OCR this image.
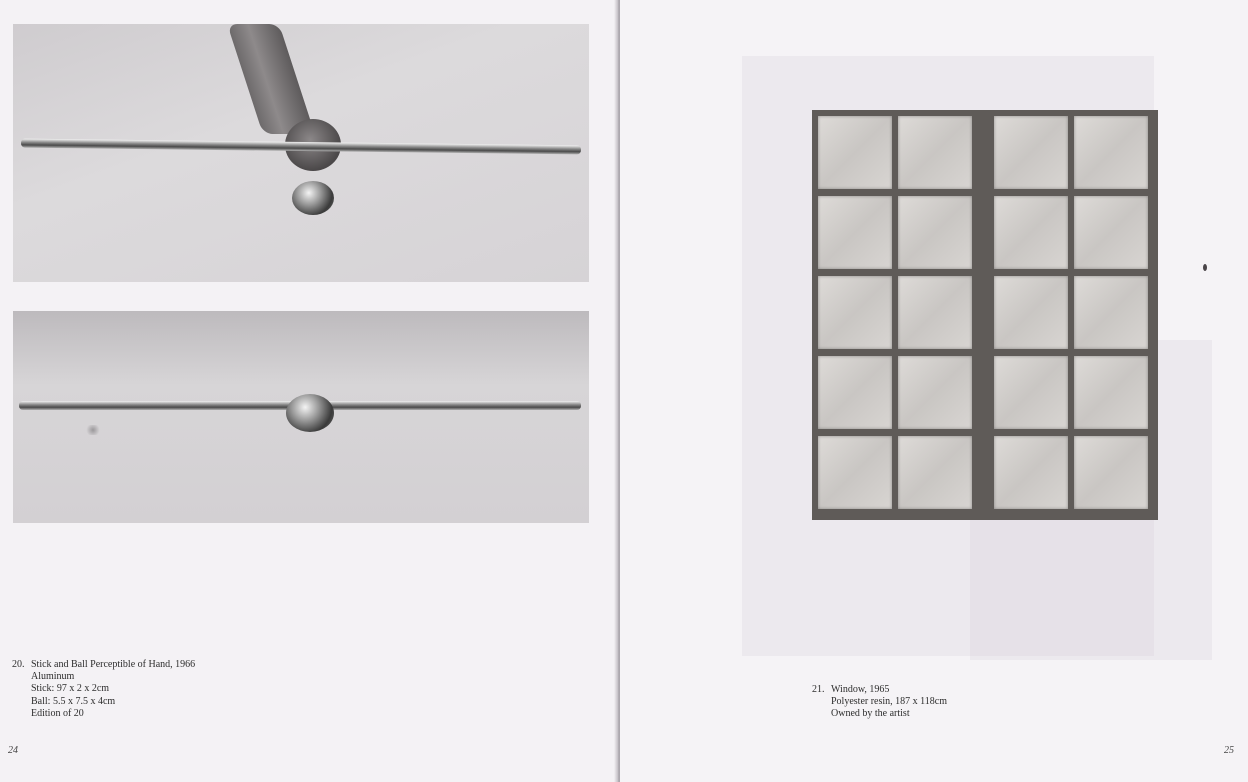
20. Stick and Ball Perceptible of Hand, 1966
Aluminum
Stick: 97 x 2 x 2cm
Ball: 5.5 x 7.5 x 4cm
Edition of 20
24
21. Window, 1965
Polyester resin, 187 x 118cm
Owned by the artist
25
